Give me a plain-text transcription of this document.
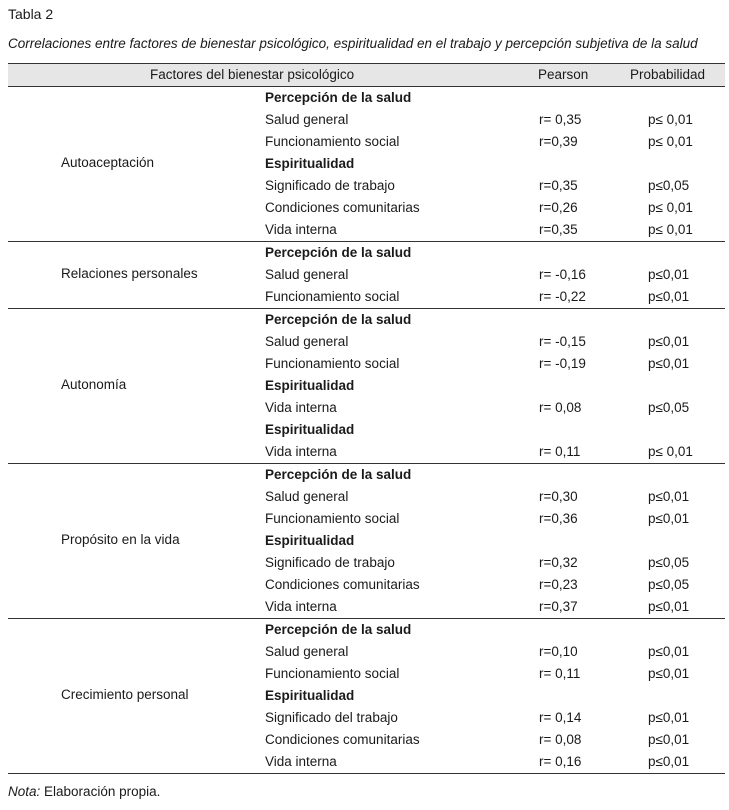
Tabla 2
Correlaciones entre factores de bienestar psicológico, espiritualidad en el trabajo y percepción subjetiva de la salud
Factores del bienestar psicológico	Pearson	Probabilidad
Autoaceptación
Percepción de la salud
Salud general	r= 0,35	p≤ 0,01
Funcionamiento social	r=0,39	p≤ 0,01
Espiritualidad
Significado de trabajo	r=0,35	p≤0,05
Condiciones comunitarias	r=0,26	p≤ 0,01
Vida interna	r=0,35	p≤ 0,01
Relaciones personales
Percepción de la salud
Salud general	r= -0,16	p≤0,01
Funcionamiento social	r= -0,22	p≤0,01
Autonomía
Percepción de la salud
Salud general	r= -0,15	p≤0,01
Funcionamiento social	r= -0,19	p≤0,01
Espiritualidad
Vida interna	r= 0,08	p≤0,05
Espiritualidad
Vida interna	r= 0,11	p≤ 0,01
Propósito en la vida
Percepción de la salud
Salud general	r=0,30	p≤0,01
Funcionamiento social	r=0,36	p≤0,01
Espiritualidad
Significado de trabajo	r=0,32	p≤0,05
Condiciones comunitarias	r=0,23	p≤0,05
Vida interna	r=0,37	p≤0,01
Crecimiento personal
Percepción de la salud
Salud general	r=0,10	p≤0,01
Funcionamiento social	r= 0,11	p≤0,01
Espiritualidad
Significado del trabajo	r= 0,14	p≤0,01
Condiciones comunitarias	r= 0,08	p≤0,01
Vida interna	r= 0,16	p≤0,01
Nota: Elaboración propia.
